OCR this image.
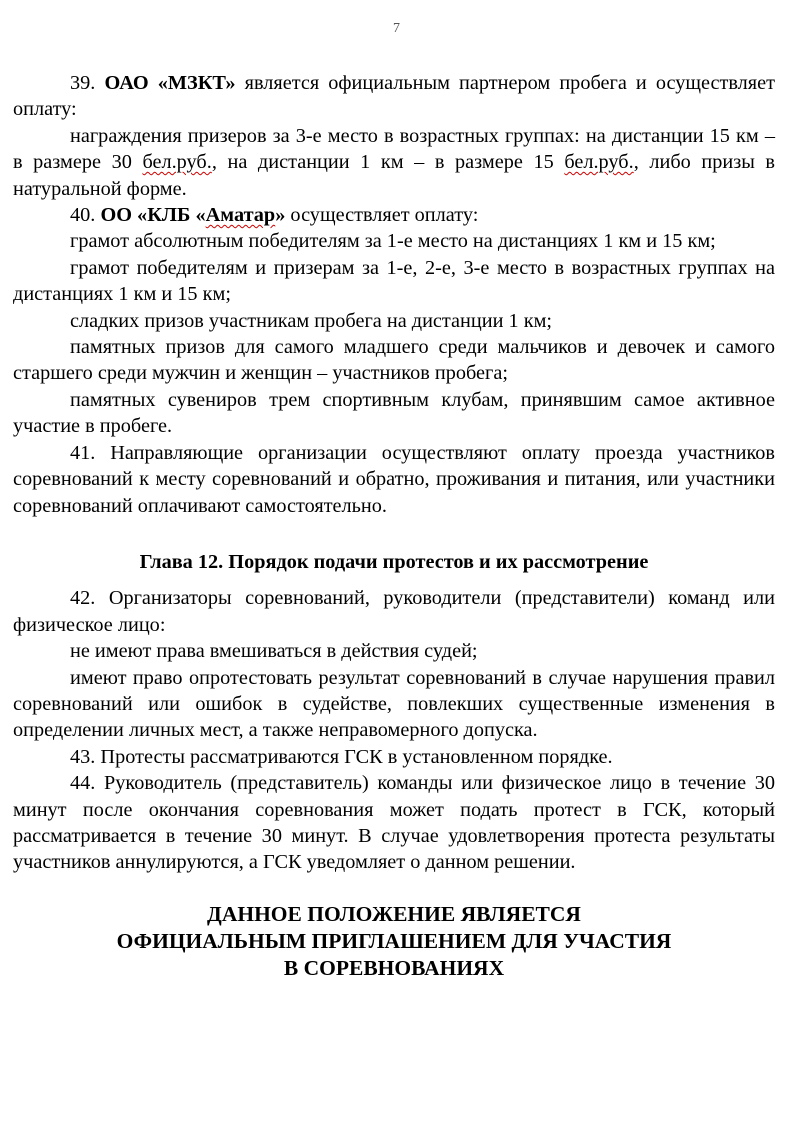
7

39. ОАО «МЗКТ» является официальным партнером пробега и осуществляет оплату:

награждения призеров за 3-е место в возрастных группах: на дистанции 15 км – в размере 30 бел.руб., на дистанции 1 км – в размере 15 бел.руб., либо призы в натуральной форме.

40. ОО «КЛБ «Аматар» осуществляет оплату:

грамот абсолютным победителям за 1-е место на дистанциях 1 км и 15 км;

грамот победителям и призерам за 1-е, 2-е, 3-е место в возрастных группах на дистанциях 1 км и 15 км;

сладких призов участникам пробега на дистанции 1 км;

памятных призов для самого младшего среди мальчиков и девочек и самого старшего среди мужчин и женщин – участников пробега;

памятных сувениров трем спортивным клубам, принявшим самое активное участие в пробеге.

41. Направляющие организации осуществляют оплату проезда участников соревнований к месту соревнований и обратно, проживания и питания, или участники соревнований оплачивают самостоятельно.

Глава 12. Порядок подачи протестов и их рассмотрение

42. Организаторы соревнований, руководители (представители) команд или физическое лицо:

не имеют права вмешиваться в действия судей;

имеют право опротестовать результат соревнований в случае нарушения правил соревнований или ошибок в судействе, повлекших существенные изменения в определении личных мест, а также неправомерного допуска.

43. Протесты рассматриваются ГСК в установленном порядке.

44. Руководитель (представитель) команды или физическое лицо в течение 30 минут после окончания соревнования может подать протест в ГСК, который рассматривается в течение 30 минут. В случае удовлетворения протеста результаты участников аннулируются, а ГСК уведомляет о данном решении.

ДАННОЕ ПОЛОЖЕНИЕ ЯВЛЯЕТСЯ
ОФИЦИАЛЬНЫМ ПРИГЛАШЕНИЕМ ДЛЯ УЧАСТИЯ
В СОРЕВНОВАНИЯХ
